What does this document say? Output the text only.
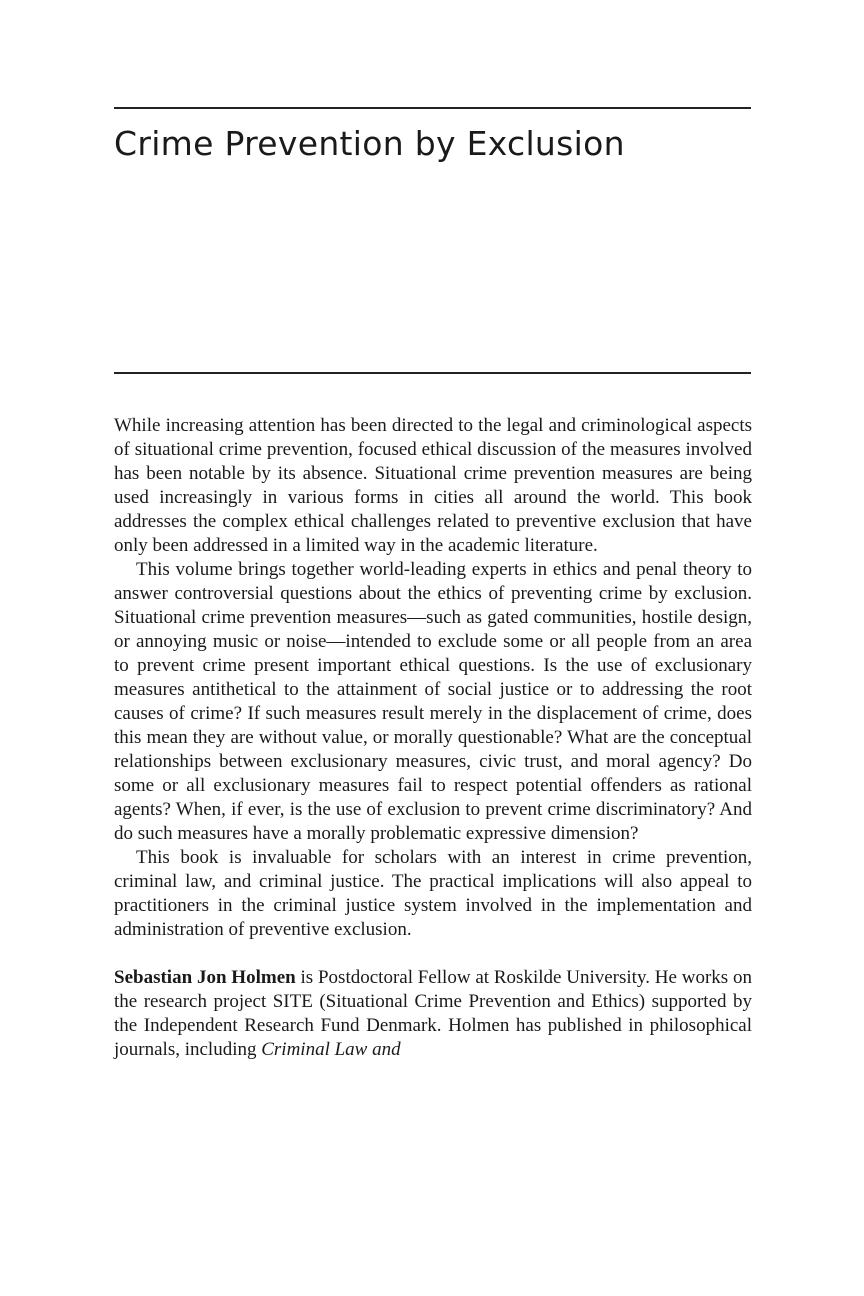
Crime Prevention by Exclusion

While increasing attention has been directed to the legal and criminological aspects of situational crime prevention, focused ethical discussion of the measures involved has been notable by its absence. Situational crime prevention measures are being used increasingly in various forms in cities all around the world. This book addresses the complex ethical challenges related to preventive exclusion that have only been addressed in a limited way in the academic literature.

This volume brings together world-leading experts in ethics and penal theory to answer controversial questions about the ethics of preventing crime by exclusion. Situational crime prevention measures—such as gated communities, hostile design, or annoying music or noise—intended to exclude some or all people from an area to prevent crime present important ethical questions. Is the use of exclusionary measures antithetical to the attainment of social justice or to addressing the root causes of crime? If such measures result merely in the displacement of crime, does this mean they are without value, or morally questionable? What are the conceptual relationships between exclusionary measures, civic trust, and moral agency? Do some or all exclusionary measures fail to respect potential offenders as rational agents? When, if ever, is the use of exclusion to prevent crime discriminatory? And do such measures have a morally problematic expressive dimension?

This book is invaluable for scholars with an interest in crime prevention, criminal law, and criminal justice. The practical implications will also appeal to practitioners in the criminal justice system involved in the implementation and administration of preventive exclusion.

Sebastian Jon Holmen is Postdoctoral Fellow at Roskilde University. He works on the research project SITE (Situational Crime Prevention and Ethics) supported by the Independent Research Fund Denmark. Holmen has published in philosophical journals, including Criminal Law and
